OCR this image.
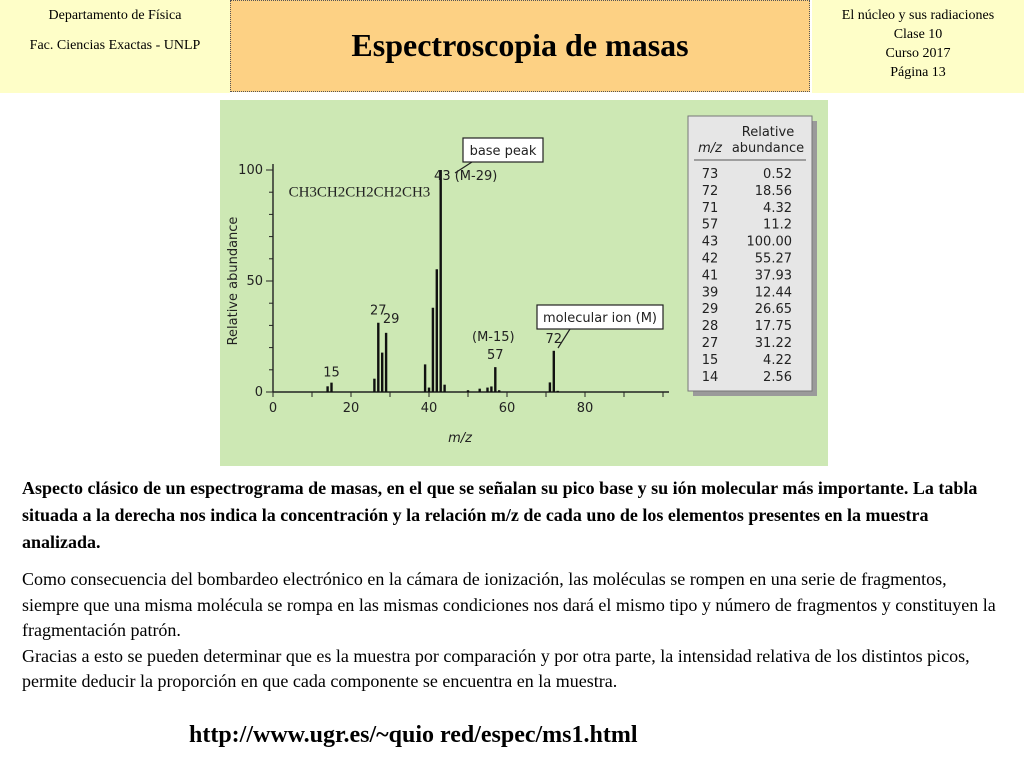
Departamento de Física
Fac. Ciencias Exactas - UNLP	Espectroscopia de masas
El núcleo y sus radiaciones
Clase 10
Curso 2017
Página 13
0
50
100
0	20	40	60	80
m/z
Relative abundance
CH3CH2CH2CH2CH3
15
27
29
57
(M-15) 72
43 (M-29)
base peak
molecular ion (M)
Relative
abundance
m/z
73	0.52
72	18.56
71	4.32
57	11.2
43 100.00
42	55.27
41	37.93
39	12.44
29	26.65
28	17.75
27	31.22
15	4.22
14	2.56
Aspecto clásico de un espectrograma de masas, en el que se señalan su pico base y su ión molecular más importante. La tabla situada a la derecha nos indica la concentración y la relación m/z de cada uno de los elementos presentes en la muestra analizada.
Como consecuencia del bombardeo electrónico en la cámara de ionización, las moléculas se rompen en una serie de fragmentos, siempre que una misma molécula se rompa en las mismas condiciones nos dará el mismo tipo y número de fragmentos y constituyen la fragmentación patrón.
Gracias a esto se pueden determinar que es la muestra por comparación y por otra parte, la intensidad relativa de los distintos picos, permite deducir la proporción en que cada componente se encuentra en la muestra.
http://www.ugr.es/~quio red/espec/ms1.html
